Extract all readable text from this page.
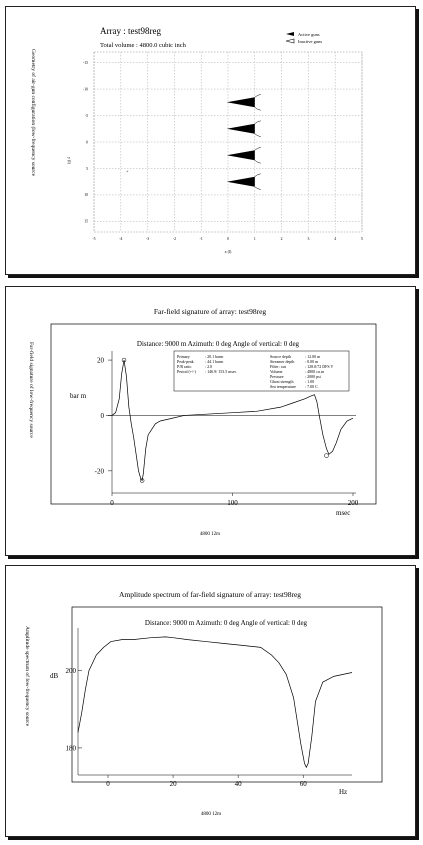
Array : test98reg
Total volume : 4800.0 cubic inch
Active guns
Inactive guns
-5	-4	-3	-2	-1	0	1	2	3	4	5
-15
-10
-5
0
5
10
15
+
x (l)
y (l)
Geometry of air-gun configuration (low-frequency source
Far-field signature of array: test98reg
Distance: 9000 m Azimuth: 0 deg Angle of vertical: 0 deg
bar m
20
0
-20
0	100	200
Primary	: 20.1 barm
Peak-peak	: 44.1 barm
P/B ratio	: 2.0
Period (+/-) : 146.9/ 153.5 msec
Source depth	: 12.00 m
Streamer depth	: 0.00 m
Filter: out	: 128.0/72 DFS V
Volume	: 4800 cu.in
Pressure	: 2000 psi
Ghost strength	: 1.00
Sea temperature : 7.00 C
msec
4800 12m
Far-field signature of low-frequency source
Amplitude spectrum of far-field signature of array: test98reg
Distance: 9000 m Azimuth: 0 deg Angle of vertical: 0 deg
dB
200
180
0	20	40	60
Hz
4800 12m
Amplitude spectrum of low-frequency source
